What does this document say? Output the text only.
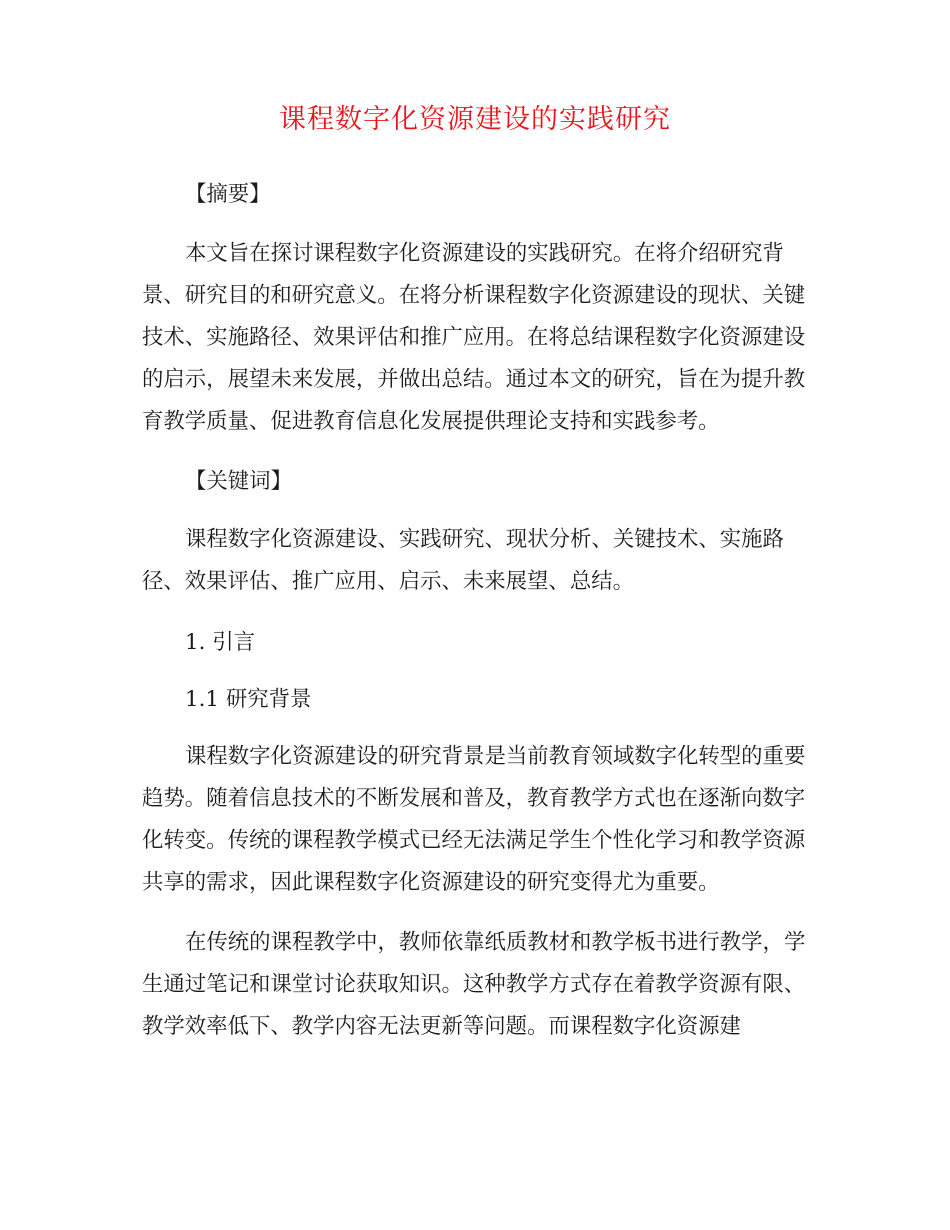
课程数字化资源建设的实践研究

【摘要】

本文旨在探讨课程数字化资源建设的实践研究。在将介绍研究背景、研究目的和研究意义。在将分析课程数字化资源建设的现状、关键技术、实施路径、效果评估和推广应用。在将总结课程数字化资源建设的启示，展望未来发展，并做出总结。通过本文的研究，旨在为提升教育教学质量、促进教育信息化发展提供理论支持和实践参考。

【关键词】

课程数字化资源建设、实践研究、现状分析、关键技术、实施路径、效果评估、推广应用、启示、未来展望、总结。

1. 引言

1.1 研究背景

课程数字化资源建设的研究背景是当前教育领域数字化转型的重要趋势。随着信息技术的不断发展和普及，教育教学方式也在逐渐向数字化转变。传统的课程教学模式已经无法满足学生个性化学习和教学资源共享的需求，因此课程数字化资源建设的研究变得尤为重要。

在传统的课程教学中，教师依靠纸质教材和教学板书进行教学，学生通过笔记和课堂讨论获取知识。这种教学方式存在着教学资源有限、教学效率低下、教学内容无法更新等问题。而课程数字化资源建
